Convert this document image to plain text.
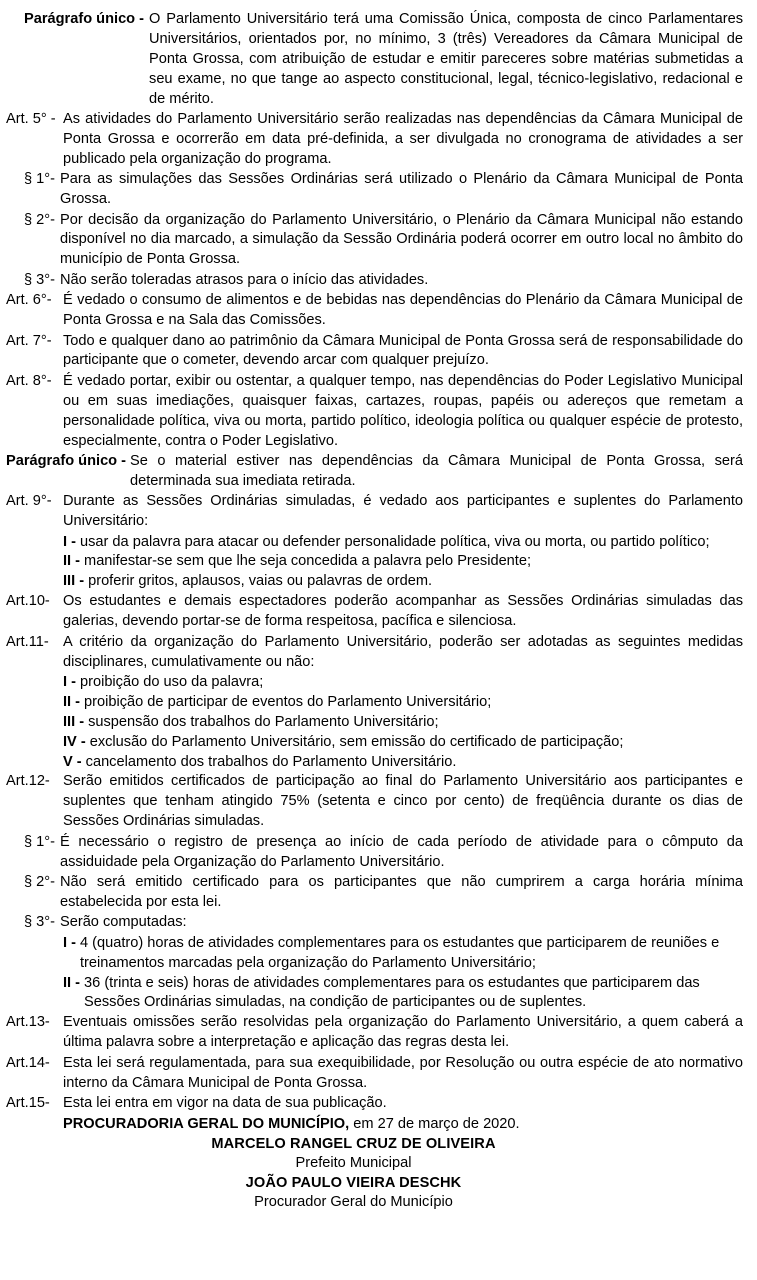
Parágrafo único - O Parlamento Universitário terá uma Comissão Única, composta de cinco Parlamentares Universitários, orientados por, no mínimo, 3 (três) Vereadores da Câmara Municipal de Ponta Grossa, com atribuição de estudar e emitir pareceres sobre matérias submetidas a seu exame, no que tange ao aspecto constitucional, legal, técnico-legislativo, redacional e de mérito.
Art. 5° - As atividades do Parlamento Universitário serão realizadas nas dependências da Câmara Municipal de Ponta Grossa e ocorrerão em data pré-definida, a ser divulgada no cronograma de atividades a ser publicado pela organização do programa.
§ 1°- Para as simulações das Sessões Ordinárias será utilizado o Plenário da Câmara Municipal de Ponta Grossa.
§ 2°- Por decisão da organização do Parlamento Universitário, o Plenário da Câmara Municipal não estando disponível no dia marcado, a simulação da Sessão Ordinária poderá ocorrer em outro local no âmbito do município de Ponta Grossa.
§ 3°- Não serão toleradas atrasos para o início das atividades.
Art. 6°- É vedado o consumo de alimentos e de bebidas nas dependências do Plenário da Câmara Municipal de Ponta Grossa e na Sala das Comissões.
Art. 7°- Todo e qualquer dano ao patrimônio da Câmara Municipal de Ponta Grossa será de responsabilidade do participante que o cometer, devendo arcar com qualquer prejuízo.
Art. 8°- É vedado portar, exibir ou ostentar, a qualquer tempo, nas dependências do Poder Legislativo Municipal ou em suas imediações, quaisquer faixas, cartazes, roupas, papéis ou adereços que remetam a personalidade política, viva ou morta, partido político, ideologia política ou qualquer espécie de protesto, especialmente, contra o Poder Legislativo.
Parágrafo único - Se o material estiver nas dependências da Câmara Municipal de Ponta Grossa, será determinada sua imediata retirada.
Art. 9°- Durante as Sessões Ordinárias simuladas, é vedado aos participantes e suplentes do Parlamento Universitário:
I - usar da palavra para atacar ou defender personalidade política, viva ou morta, ou partido político;
II - manifestar-se sem que lhe seja concedida a palavra pelo Presidente;
III - proferir gritos, aplausos, vaias ou palavras de ordem.
Art.10- Os estudantes e demais espectadores poderão acompanhar as Sessões Ordinárias simuladas das galerias, devendo portar-se de forma respeitosa, pacífica e silenciosa.
Art.11- A critério da organização do Parlamento Universitário, poderão ser adotadas as seguintes medidas disciplinares, cumulativamente ou não:
I - proibição do uso da palavra;
II - proibição de participar de eventos do Parlamento Universitário;
III - suspensão dos trabalhos do Parlamento Universitário;
IV - exclusão do Parlamento Universitário, sem emissão do certificado de participação;
V - cancelamento dos trabalhos do Parlamento Universitário.
Art.12- Serão emitidos certificados de participação ao final do Parlamento Universitário aos participantes e suplentes que tenham atingido 75% (setenta e cinco por cento) de freqüência durante os dias de Sessões Ordinárias simuladas.
§ 1°- É necessário o registro de presença ao início de cada período de atividade para o cômputo da assiduidade pela Organização do Parlamento Universitário.
§ 2°- Não será emitido certificado para os participantes que não cumprirem a carga horária mínima estabelecida por esta lei.
§ 3°- Serão computadas:
I - 4 (quatro) horas de atividades complementares para os estudantes que participarem de reuniões e treinamentos marcadas pela organização do Parlamento Universitário;
II - 36 (trinta e seis) horas de atividades complementares para os estudantes que participarem das Sessões Ordinárias simuladas, na condição de participantes ou de suplentes.
Art.13- Eventuais omissões serão resolvidas pela organização do Parlamento Universitário, a quem caberá a última palavra sobre a interpretação e aplicação das regras desta lei.
Art.14- Esta lei será regulamentada, para sua exequibilidade, por Resolução ou outra espécie de ato normativo interno da Câmara Municipal de Ponta Grossa.
Art.15- Esta lei entra em vigor na data de sua publicação.
PROCURADORIA GERAL DO MUNICÍPIO, em 27 de março de 2020.
MARCELO RANGEL CRUZ DE OLIVEIRA
Prefeito Municipal
JOÃO PAULO VIEIRA DESCHK
Procurador Geral do Município
